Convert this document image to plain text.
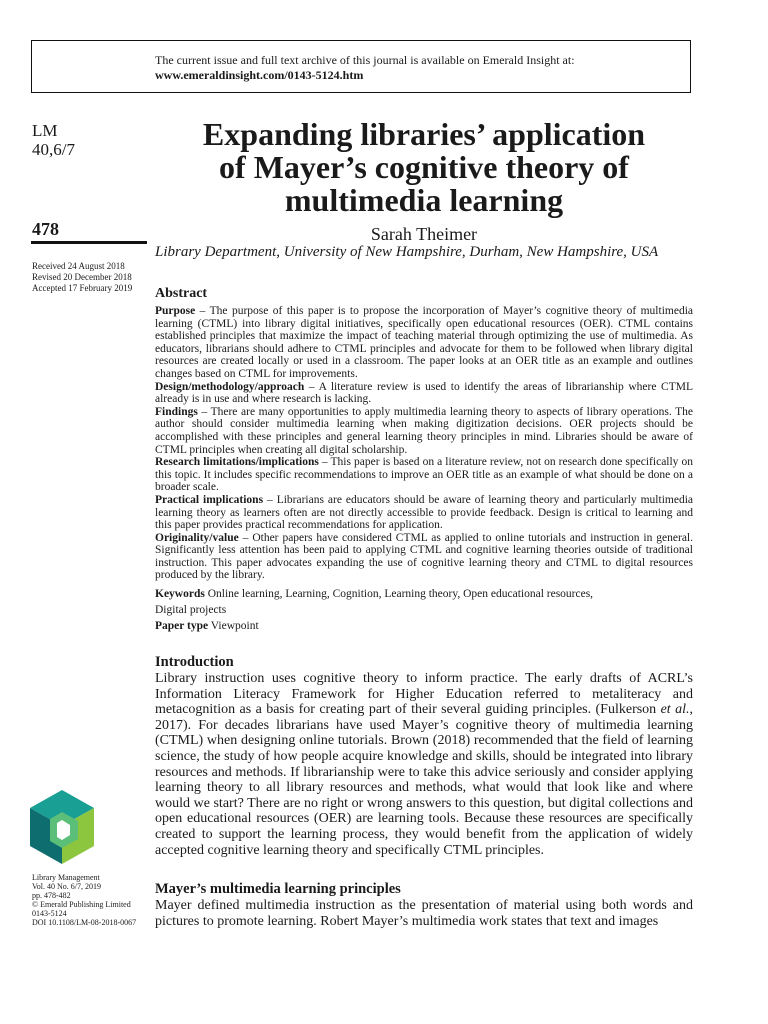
The current issue and full text archive of this journal is available on Emerald Insight at:
www.emeraldinsight.com/0143-5124.htm
LM
40,6/7
478
Received 24 August 2018
Revised 20 December 2018
Accepted 17 February 2019
Expanding libraries’ application
of Mayer’s cognitive theory of
multimedia learning
Sarah Theimer
Library Department, University of New Hampshire, Durham, New Hampshire, USA
Abstract

Purpose – The purpose of this paper is to propose the incorporation of Mayer’s cognitive theory of multimedia learning (CTML) into library digital initiatives, specifically open educational resources (OER). CTML contains established principles that maximize the impact of teaching material through optimizing the use of multimedia. As educators, librarians should adhere to CTML principles and advocate for them to be followed when library digital resources are created locally or used in a classroom. The paper looks at an OER title as an example and outlines changes based on CTML for improvements.

Design/methodology/approach – A literature review is used to identify the areas of librarianship where CTML already is in use and where research is lacking.

Findings – There are many opportunities to apply multimedia learning theory to aspects of library operations. The author should consider multimedia learning when making digitization decisions. OER projects should be accomplished with these principles and general learning theory principles in mind. Libraries should be aware of CTML principles when creating all digital scholarship.

Research limitations/implications – This paper is based on a literature review, not on research done specifically on this topic. It includes specific recommendations to improve an OER title as an example of what should be done on a broader scale.

Practical implications – Librarians are educators should be aware of learning theory and particularly multimedia learning theory as learners often are not directly accessible to provide feedback. Design is critical to learning and this paper provides practical recommendations for application.

Originality/value – Other papers have considered CTML as applied to online tutorials and instruction in general. Significantly less attention has been paid to applying CTML and cognitive learning theories outside of traditional instruction. This paper advocates expanding the use of cognitive learning theory and CTML to digital resources produced by the library.

Keywords Online learning, Learning, Cognition, Learning theory, Open educational resources,
Digital projects

Paper type Viewpoint

Introduction

Library instruction uses cognitive theory to inform practice. The early drafts of ACRL’s Information Literacy Framework for Higher Education referred to metaliteracy and metacognition as a basis for creating part of their several guiding principles. (Fulkerson et al., 2017). For decades librarians have used Mayer’s cognitive theory of multimedia learning (CTML) when designing online tutorials. Brown (2018) recommended that the field of learning science, the study of how people acquire knowledge and skills, should be integrated into library resources and methods. If librarianship were to take this advice seriously and consider applying learning theory to all library resources and methods, what would that look like and where would we start? There are no right or wrong answers to this question, but digital collections and open educational resources (OER) are learning tools. Because these resources are specifically created to support the learning process, they would benefit from the application of widely accepted cognitive learning theory and specifically CTML principles.

Mayer’s multimedia learning principles

Mayer defined multimedia instruction as the presentation of material using both words and pictures to promote learning. Robert Mayer’s multimedia work states that text and images

Library Management
Vol. 40 No. 6/7, 2019
pp. 478-482
© Emerald Publishing Limited
0143-5124
DOI 10.1108/LM-08-2018-0067
